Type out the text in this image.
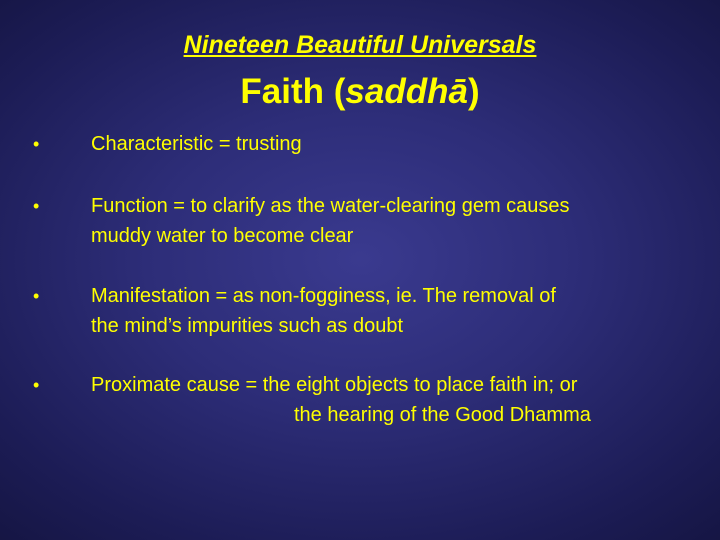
Nineteen Beautiful Universals
Faith (saddhā)
•	Characteristic = trusting
•	Function = to clarify as the water-clearing gem causes
muddy water to become clear
•	Manifestation = as non-fogginess, ie. The removal of
the mind’s impurities such as doubt
•	Proximate cause = the eight objects to place faith in; or
the hearing of the Good Dhamma
